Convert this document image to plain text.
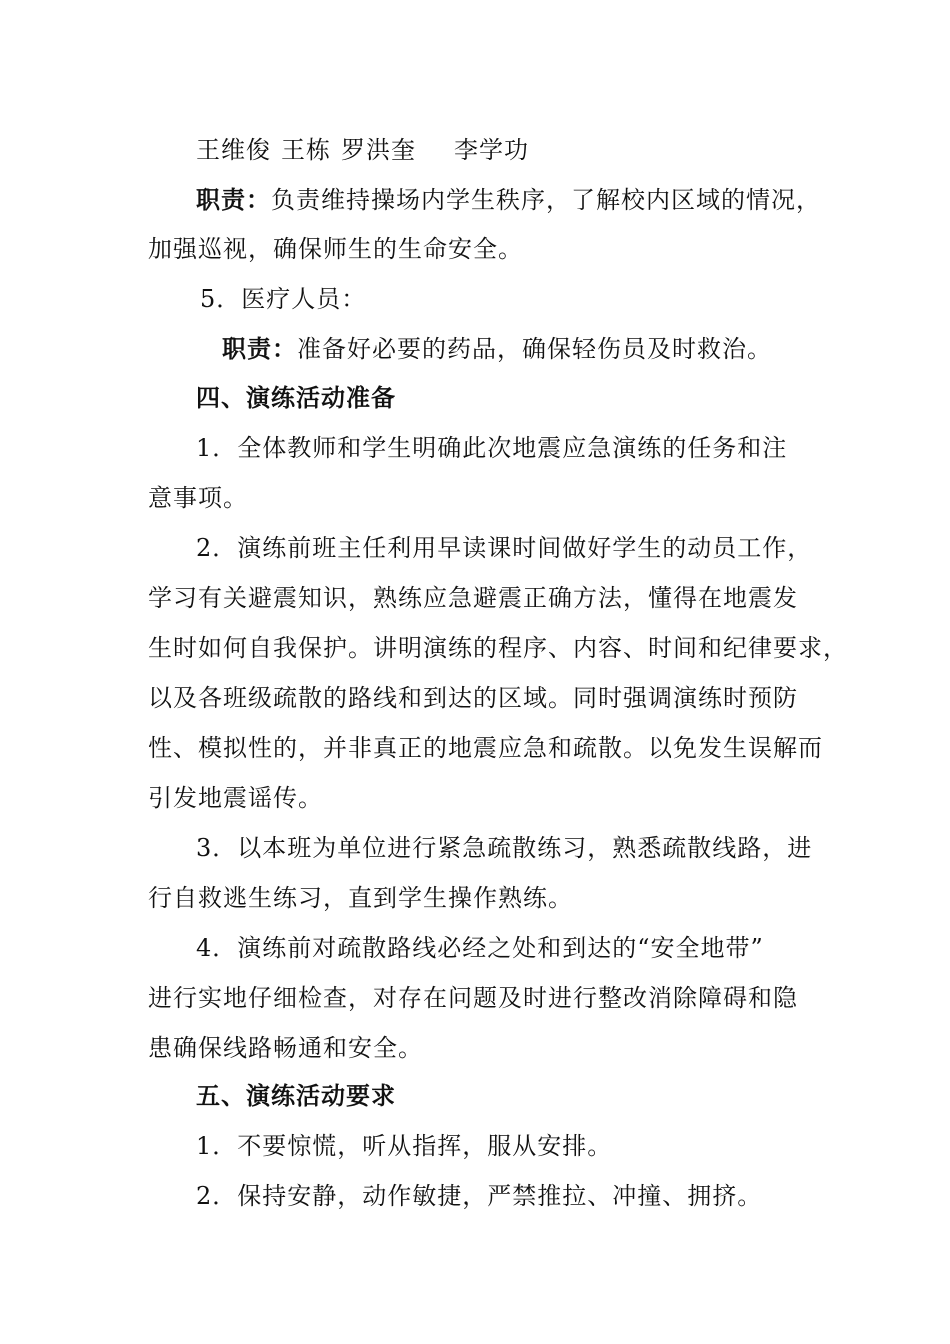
王维俊 王栋 罗洪奎 李学功
职责：负责维持操场内学生秩序，了解校内区域的情况，
加强巡视，确保师生的生命安全。
5．医疗人员：
职责：准备好必要的药品，确保轻伤员及时救治。
四、演练活动准备
1．全体教师和学生明确此次地震应急演练的任务和注
意事项。
2．演练前班主任利用早读课时间做好学生的动员工作，
学习有关避震知识，熟练应急避震正确方法，懂得在地震发
生时如何自我保护。讲明演练的程序、内容、时间和纪律要求，
以及各班级疏散的路线和到达的区域。同时强调演练时预防
性、模拟性的，并非真正的地震应急和疏散。以免发生误解而
引发地震谣传。
3．以本班为单位进行紧急疏散练习，熟悉疏散线路，进
行自救逃生练习，直到学生操作熟练。
4．演练前对疏散路线必经之处和到达的“安全地带”
进行实地仔细检查，对存在问题及时进行整改消除障碍和隐
患确保线路畅通和安全。
五、演练活动要求
1．不要惊慌，听从指挥，服从安排。
2．保持安静，动作敏捷，严禁推拉、冲撞、拥挤。
